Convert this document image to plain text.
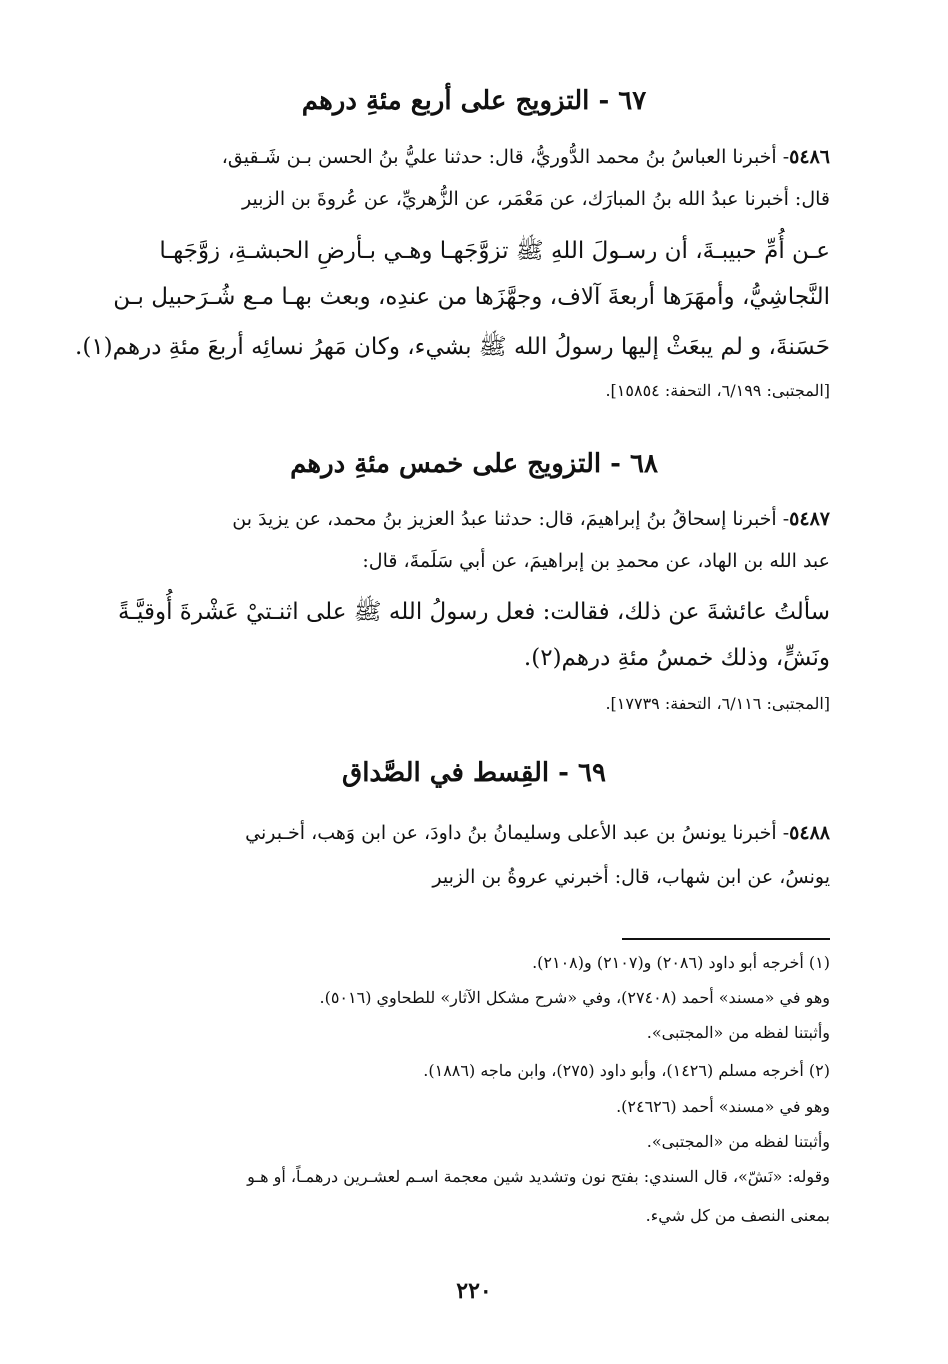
٦٧ - التزويج على أربع مئةِ درهم
٥٤٨٦- أخبرنا العباسُ بنُ محمد الدُّوريُّ، قال: حدثنا عليُّ بنُ الحسن بـن شَـقيق،
قال: أخبرنا عبدُ الله بنُ المبارَك، عن مَعْمَر، عن الزُّهريِّ، عن عُروةَ بن الزبير
عـن أُمِّ حبيبـةَ، أن رسـولَ اللهِ ﷺ تزوَّجَهـا وهـي بـأرضِ الحبشـةِ، زوَّجَهـا
النَّجاشِيُّ، وأمهَرَها أربعةَ آلاف، وجهَّزَها من عندِه، وبعث بهـا مـع شُـرَحبيل بـن
حَسَنةَ، و لم يبعَثْ إليها رسولُ الله ﷺ بشيء، وكان مَهرُ نسائِه أربعَ مئةِ درهم(١).
[المجتبى: ٦/١٩٩، التحفة: ١٥٨٥٤].
٦٨ - التزويج على خمس مئةِ درهم
٥٤٨٧- أخبرنا إسحاقُ بنُ إبراهيمَ، قال: حدثنا عبدُ العزيز بنُ محمد، عن يزيدَ بن
عبد الله بن الهاد، عن محمدِ بن إبراهيمَ، عن أبي سَلَمةَ، قال:
سألتُ عائشةَ عن ذلك، فقالت: فعل رسولُ الله ﷺ على اثنـتيْ عَشْرةَ أُوقيَّـةً
ونَشٍّ، وذلك خمسُ مئةِ درهم(٢).
[المجتبى: ٦/١١٦، التحفة: ١٧٧٣٩].
٦٩ - القِسط في الصَّداق
٥٤٨٨- أخبرنا يونسُ بن عبد الأعلى وسليمانُ بنُ داودَ، عن ابن وَهب، أخـبرني
يونسُ، عن ابن شهاب، قال: أخبرني عروةُ بن الزبير
(١) أخرجه أبو داود (٢٠٨٦) و(٢١٠٧) و(٢١٠٨).
وهو في «مسند» أحمد (٢٧٤٠٨)، وفي «شرح مشكل الآثار» للطحاوي (٥٠١٦).
وأثبتنا لفظه من «المجتبى».
(٢) أخرجه مسلم (١٤٢٦)، وأبو داود (٢٧٥)، وابن ماجه (١٨٨٦).
وهو في «مسند» أحمد (٢٤٦٢٦).
وأثبتنا لفظه من «المجتبى».
وقوله: «نَشّ»، قال السندي: بفتح نون وتشديد شين معجمة اسـم لعشـرين درهمـاً، أو هـو
بمعنى النصف من كل شيء.
٢٢٠
